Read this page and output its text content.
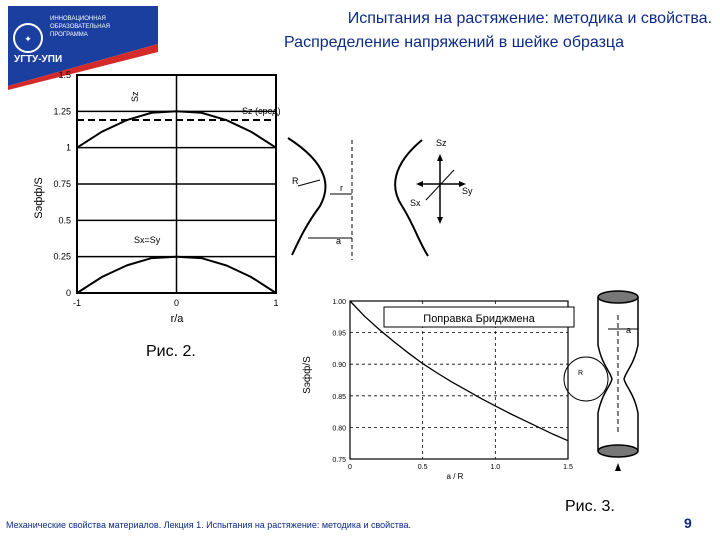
✦
ИННОВАЦИОННАЯ
ОБРАЗОВАТЕЛЬНАЯ
ПРОГРАММА
УГТУ-УПИ
Испытания на растяжение: методика и свойства.
Распределение напряжений в шейке образца
0
0.25
0.5
0.75
1
1.25
1.5
-1	0	1
Sэфф/S
r/a
Sz
Sz (сред)
Sx=Sy
R
r
a
Sz
Sx
Sy
Рис. 2.
0.75
0.80
0.85
0.90
0.95
1.00
0	0.5	1.0	1.5
Поправка Бриджмена
Sэфф/S
a / R
a
R
Рис. 3.
Механические свойства материалов. Лекция 1. Испытания на растяжение: методика и свойства.	9
